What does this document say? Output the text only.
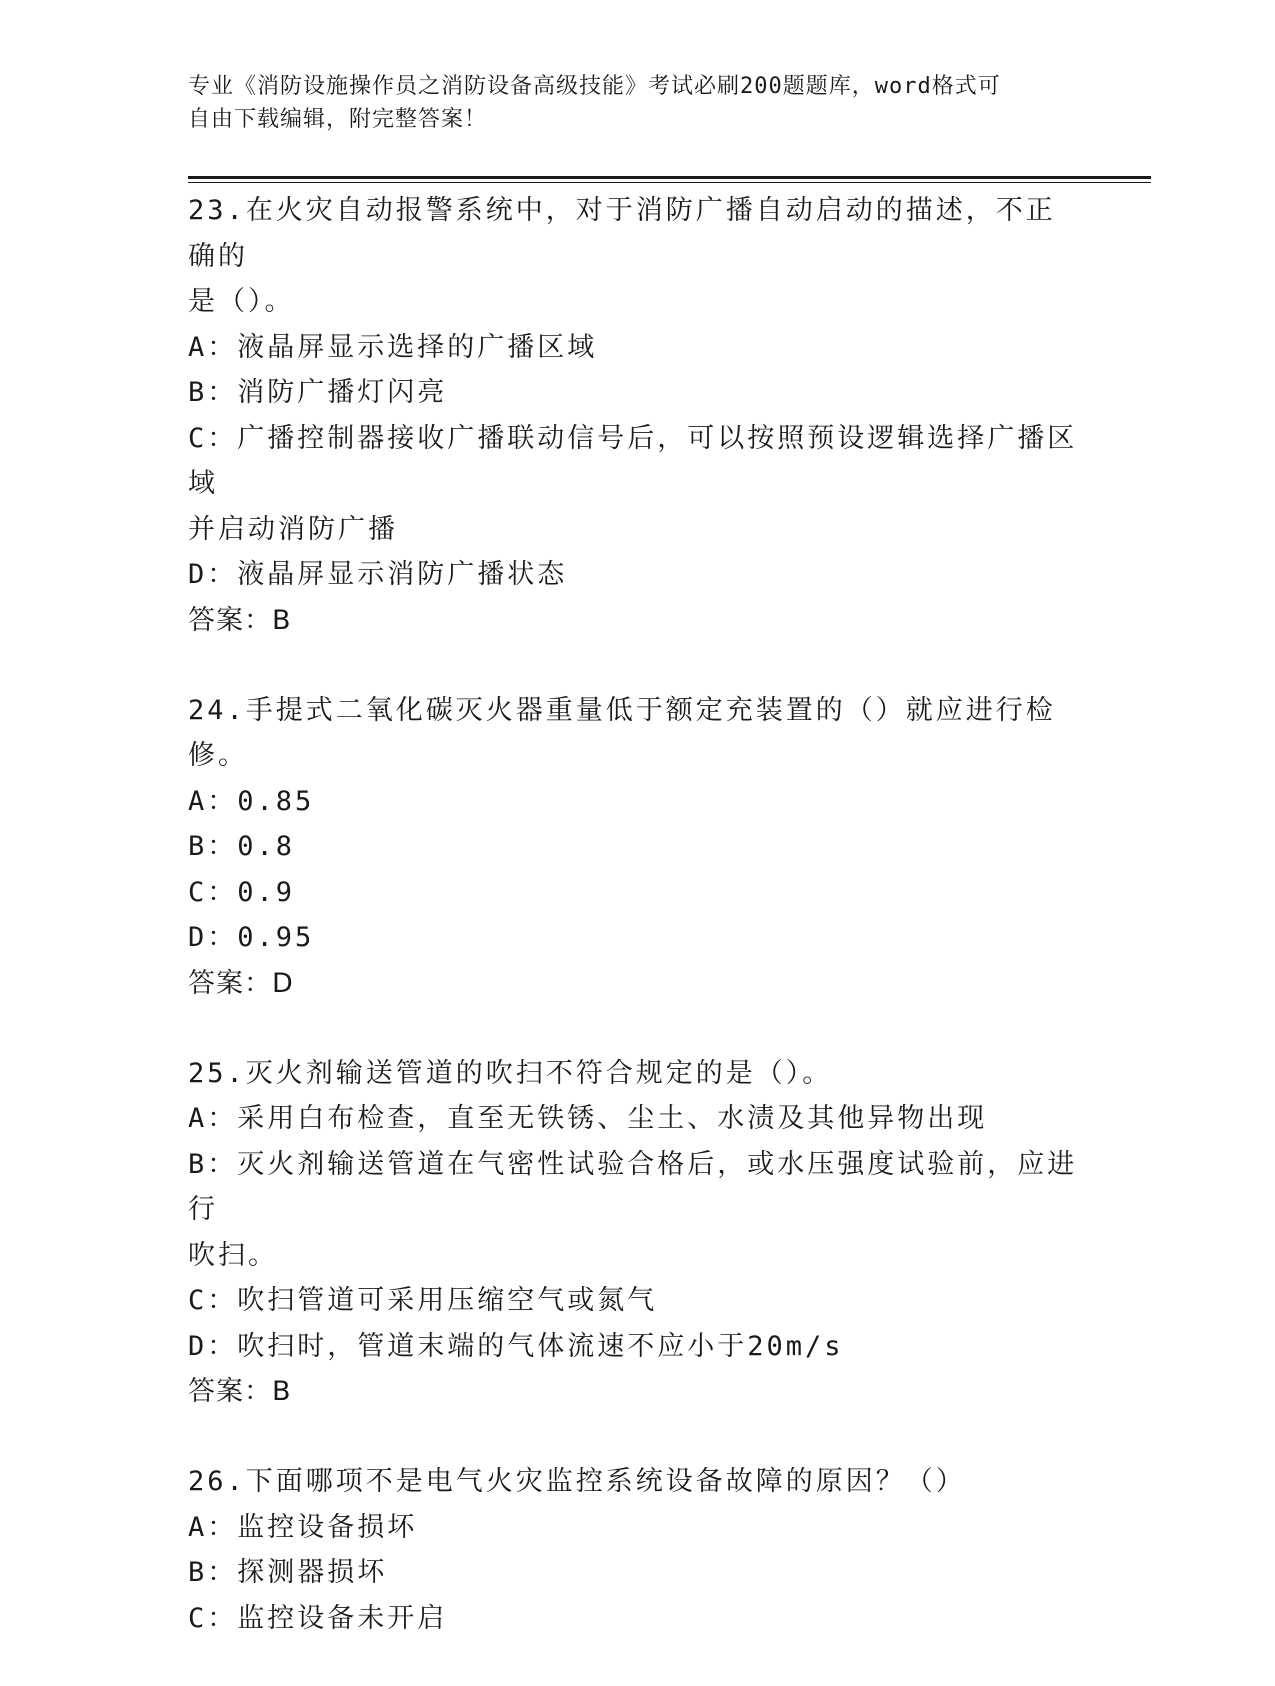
专业《消防设施操作员之消防设备高级技能》考试必刷200题题库，word格式可
自由下载编辑，附完整答案！
23.在火灾自动报警系统中，对于消防广播自动启动的描述，不正确的
是（）。
A：液晶屏显示选择的广播区域
B：消防广播灯闪亮
C：广播控制器接收广播联动信号后，可以按照预设逻辑选择广播区域
并启动消防广播
D：液晶屏显示消防广播状态
答案：B
24.手提式二氧化碳灭火器重量低于额定充装置的（）就应进行检修。
A：0.85
B：0.8
C：0.9
D：0.95
答案：D
25.灭火剂输送管道的吹扫不符合规定的是（）。
A：采用白布检查，直至无铁锈、尘土、水渍及其他异物出现
B：灭火剂输送管道在气密性试验合格后，或水压强度试验前，应进行
吹扫。
C：吹扫管道可采用压缩空气或氮气
D：吹扫时，管道末端的气体流速不应小于20m/s
答案：B
26.下面哪项不是电气火灾监控系统设备故障的原因？（）
A：监控设备损坏
B：探测器损坏
C：监控设备未开启
